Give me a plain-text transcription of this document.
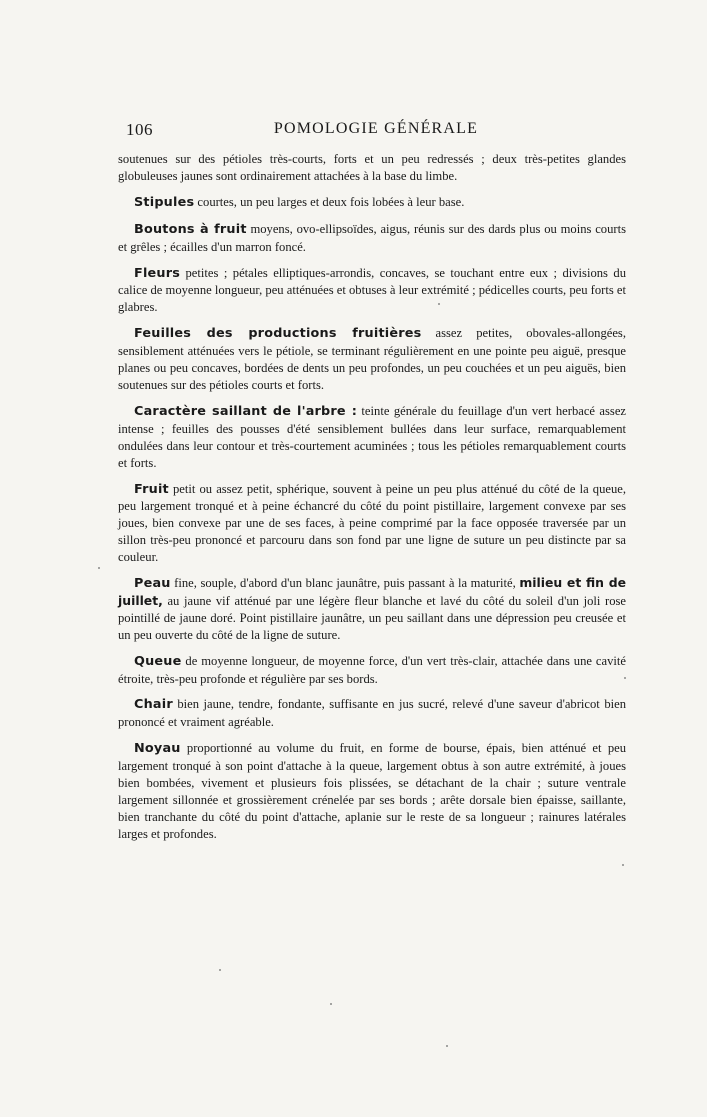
106	POMOLOGIE GÉNÉRALE

soutenues sur des pétioles très-courts, forts et un peu redressés ; deux très-petites glandes globuleuses jaunes sont ordinairement attachées à la base du limbe.

Stipules courtes, un peu larges et deux fois lobées à leur base.

Boutons à fruit moyens, ovo-ellipsoïdes, aigus, réunis sur des dards plus ou moins courts et grêles ; écailles d'un marron foncé.

Fleurs petites ; pétales elliptiques-arrondis, concaves, se touchant entre eux ; divisions du calice de moyenne longueur, peu atténuées et obtuses à leur extrémité ; pédicelles courts, peu forts et glabres.

Feuilles des productions fruitières assez petites, obovales-allongées, sensiblement atténuées vers le pétiole, se terminant régulièrement en une pointe peu aiguë, presque planes ou peu concaves, bordées de dents un peu profondes, un peu couchées et un peu aiguës, bien soutenues sur des pétioles courts et forts.

Caractère saillant de l'arbre : teinte générale du feuillage d'un vert herbacé assez intense ; feuilles des pousses d'été sensiblement bullées dans leur surface, remarquablement ondulées dans leur contour et très-courtement acuminées ; tous les pétioles remarquablement courts et forts.

Fruit petit ou assez petit, sphérique, souvent à peine un peu plus atténué du côté de la queue, peu largement tronqué et à peine échancré du côté du point pistillaire, largement convexe par ses joues, bien convexe par une de ses faces, à peine comprimé par la face opposée traversée par un sillon très-peu prononcé et parcouru dans son fond par une ligne de suture un peu distincte par sa couleur.

Peau fine, souple, d'abord d'un blanc jaunâtre, puis passant à la maturité, milieu et fin de juillet, au jaune vif atténué par une légère fleur blanche et lavé du côté du soleil d'un joli rose pointillé de jaune doré. Point pistillaire jaunâtre, un peu saillant dans une dépression peu creusée et un peu ouverte du côté de la ligne de suture.

Queue de moyenne longueur, de moyenne force, d'un vert très-clair, attachée dans une cavité étroite, très-peu profonde et régulière par ses bords.

Chair bien jaune, tendre, fondante, suffisante en jus sucré, relevé d'une saveur d'abricot bien prononcé et vraiment agréable.

Noyau proportionné au volume du fruit, en forme de bourse, épais, bien atténué et peu largement tronqué à son point d'attache à la queue, largement obtus à son autre extrémité, à joues bien bombées, vivement et plusieurs fois plissées, se détachant de la chair ; suture ventrale largement sillonnée et grossièrement crénelée par ses bords ; arête dorsale bien épaisse, saillante, bien tranchante du côté du point d'attache, aplanie sur le reste de sa longueur ; rainures latérales larges et profondes.
